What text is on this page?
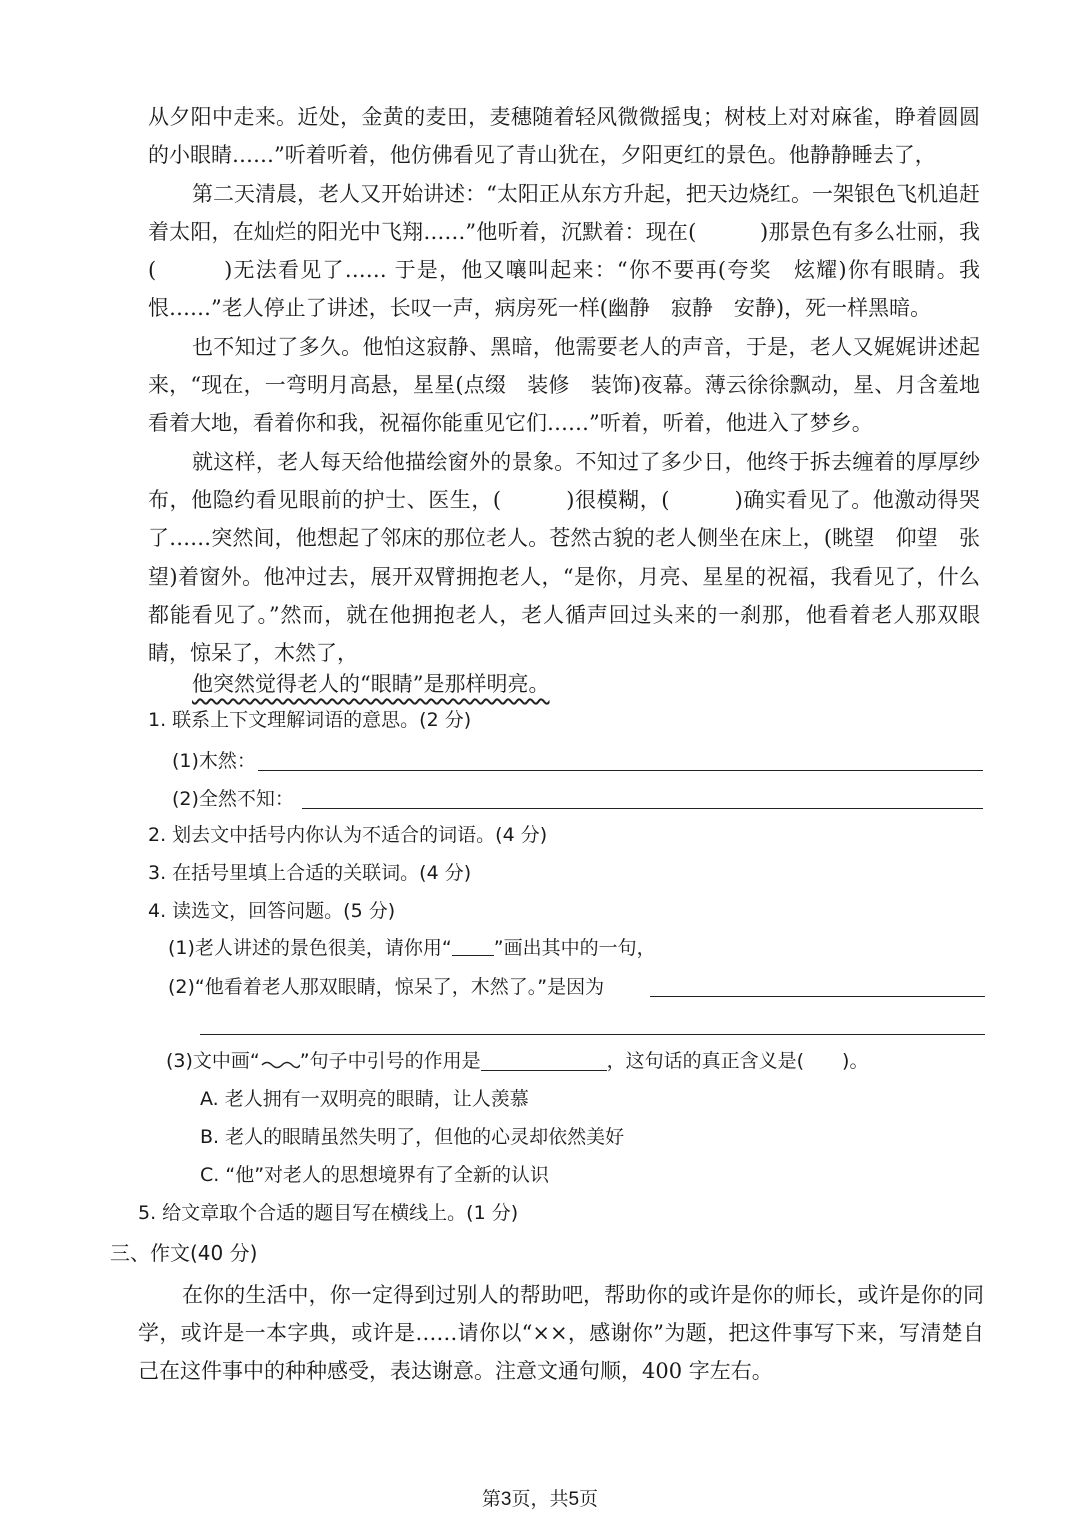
从夕阳中走来。近处，金黄的麦田，麦穗随着轻风微微摇曳；树枝上对对麻雀，睁着圆圆的小眼睛……”听着听着，他仿佛看见了青山犹在，夕阳更红的景色。他静静睡去了，

第二天清晨，老人又开始讲述：“太阳正从东方升起，把天边烧红。一架银色飞机追赶着太阳，在灿烂的阳光中飞翔……”他听着，沉默着：现在(　　　)那景色有多么壮丽，我(　　　)无法看见了…… 于是，他又嚷叫起来：“你不要再(夸奖　炫耀)你有眼睛。我恨……”老人停止了讲述，长叹一声，病房死一样(幽静　寂静　安静)，死一样黑暗。

也不知过了多久。他怕这寂静、黑暗，他需要老人的声音，于是，老人又娓娓讲述起来，“现在，一弯明月高悬，星星(点缀　装修　装饰)夜幕。薄云徐徐飘动，星、月含羞地看着大地，看着你和我，祝福你能重见它们……”听着，听着，他进入了梦乡。

就这样，老人每天给他描绘窗外的景象。不知过了多少日，他终于拆去缠着的厚厚纱布，他隐约看见眼前的护士、医生，(　　　)很模糊，(　　　)确实看见了。他激动得哭了……突然间，他想起了邻床的那位老人。苍然古貌的老人侧坐在床上，(眺望　仰望　张望)着窗外。他冲过去，展开双臂拥抱老人，“是你，月亮、星星的祝福，我看见了，什么都能看见了。”然而，就在他拥抱老人，老人循声回过头来的一刹那，他看着老人那双眼睛，惊呆了，木然了，

他突然觉得老人的“眼睛”是那样明亮。

1. 联系上下文理解词语的意思。(2 分)
(1)木然：
(2)全然不知：
2. 划去文中括号内你认为不适合的词语。(4 分)
3. 在括号里填上合适的关联词。(4 分)
4. 读选文，回答问题。(5 分)
(1)老人讲述的景色很美，请你用“ ”画出其中的一句，
(2)“他看着老人那双眼睛，惊呆了，木然了。”是因为
(3)文中画“ ”句子中引号的作用是	，这句话的真正含义是(　　)。
A. 老人拥有一双明亮的眼睛，让人羡慕
B. 老人的眼睛虽然失明了，但他的心灵却依然美好
C. “他”对老人的思想境界有了全新的认识
5. 给文章取个合适的题目写在横线上。(1 分)
三、作文(40 分)

在你的生活中，你一定得到过别人的帮助吧，帮助你的或许是你的师长，或许是你的同学，或许是一本字典，或许是……请你以“××，感谢你”为题，把这件事写下来，写清楚自己在这件事中的种种感受，表达谢意。注意文通句顺，400 字左右。

第3页，共5页
